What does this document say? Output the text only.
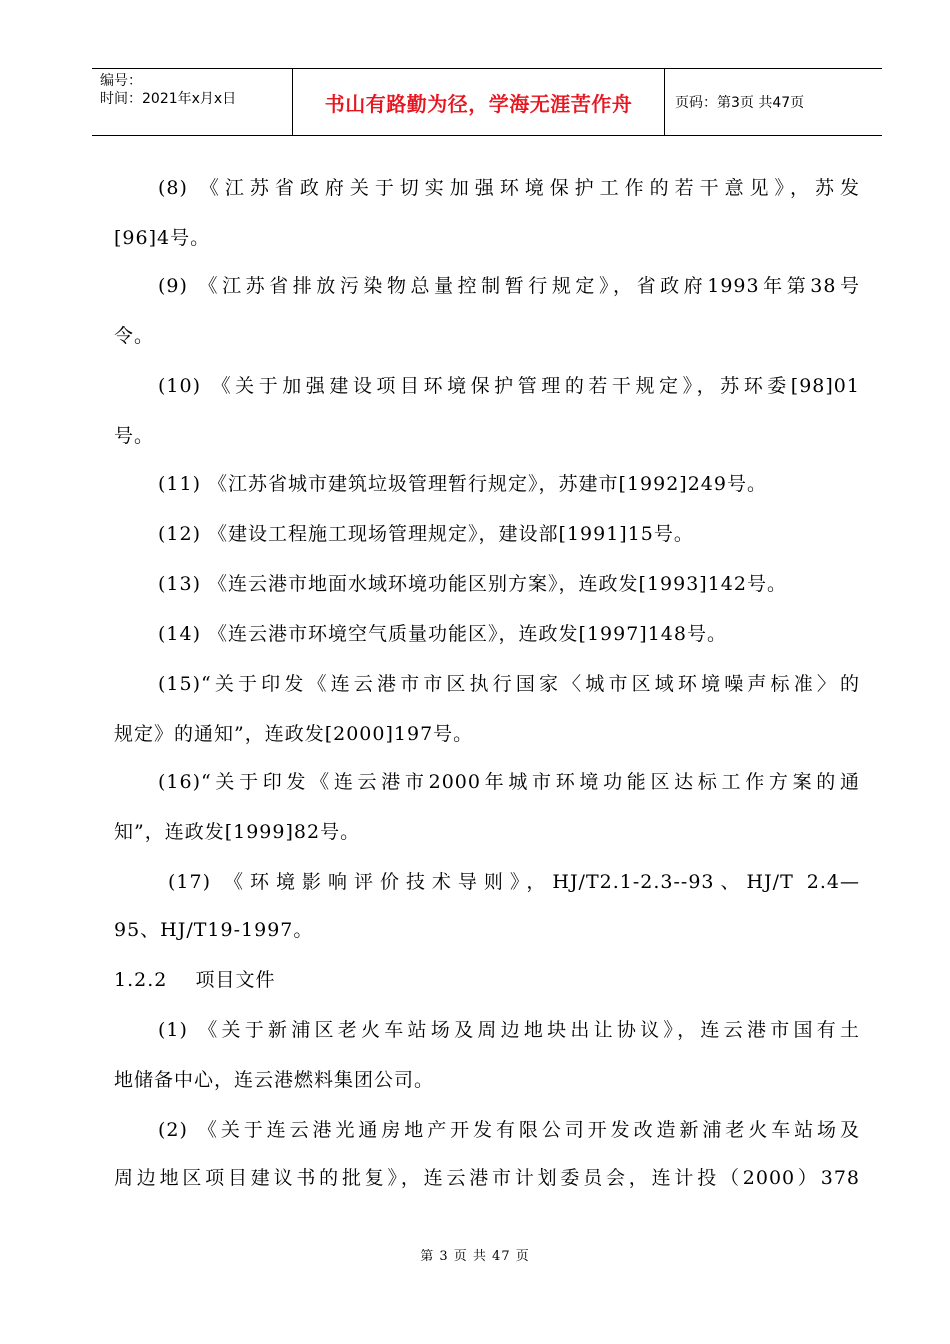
编号：
时间：2021年x月x日	书山有路勤为径，学海无涯苦作舟	页码：第3页 共47页
(8) 《江苏省政府关于切实加强环境保护工作的若干意见》，苏发
[96]4号。
(9) 《江苏省排放污染物总量控制暂行规定》，省政府1993年第38号
令。
(10) 《关于加强建设项目环境保护管理的若干规定》，苏环委[98]01
号。
(11) 《江苏省城市建筑垃圾管理暂行规定》，苏建市[1992]249号。
(12) 《建设工程施工现场管理规定》，建设部[1991]15号。
(13) 《连云港市地面水域环境功能区别方案》，连政发[1993]142号。
(14) 《连云港市环境空气质量功能区》，连政发[1997]148号。
(15)“关于印发《连云港市市区执行国家〈城市区域环境噪声标准〉的
规定》的通知”，连政发[2000]197号。
(16)“关于印发《连云港市2000年城市环境功能区达标工作方案的通
知”，连政发[1999]82号。
(17) 《环境影响评价技术导则》，HJ/T2.1-2.3--93、HJ/T 2.4—
95、HJ/T19-1997。
1.2.2    项目文件
(1) 《关于新浦区老火车站场及周边地块出让协议》，连云港市国有土
地储备中心，连云港燃料集团公司。
(2) 《关于连云港光通房地产开发有限公司开发改造新浦老火车站场及
周边地区项目建议书的批复》，连云港市计划委员会，连计投（2000）378
第 3 页 共 47 页
